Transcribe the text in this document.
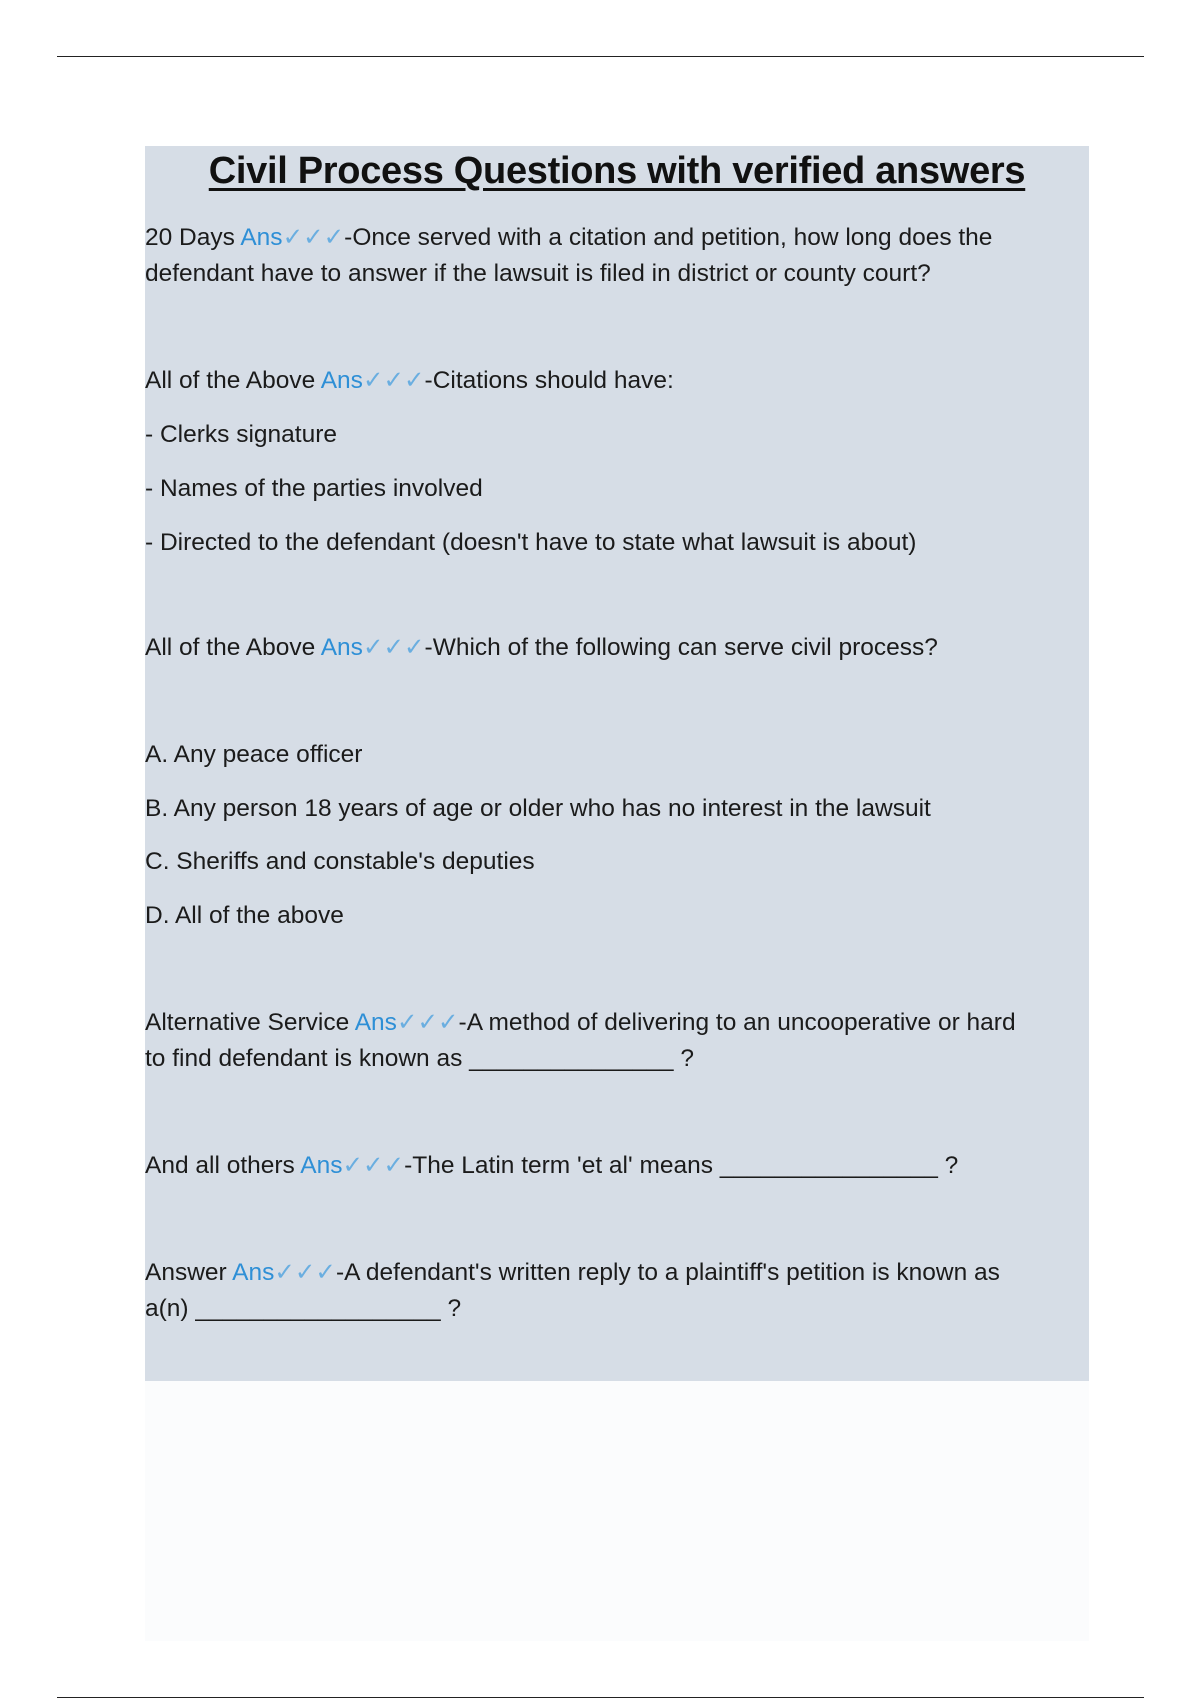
Civil Process Questions with verified answers
20 Days Ans✓✓✓-Once served with a citation and petition, how long does the
defendant have to answer if the lawsuit is filed in district or county court?
All of the Above Ans✓✓✓-Citations should have:
- Clerks signature
- Names of the parties involved
- Directed to the defendant (doesn't have to state what lawsuit is about)
All of the Above Ans✓✓✓-Which of the following can serve civil process?
A. Any peace officer
B. Any person 18 years of age or older who has no interest in the lawsuit
C. Sheriffs and constable's deputies
D. All of the above
Alternative Service Ans✓✓✓-A method of delivering to an uncooperative or hard
to find defendant is known as _______________ ?
And all others Ans✓✓✓-The Latin term 'et al' means ________________ ?
Answer Ans✓✓✓-A defendant's written reply to a plaintiff's petition is known as
a(n) __________________ ?
